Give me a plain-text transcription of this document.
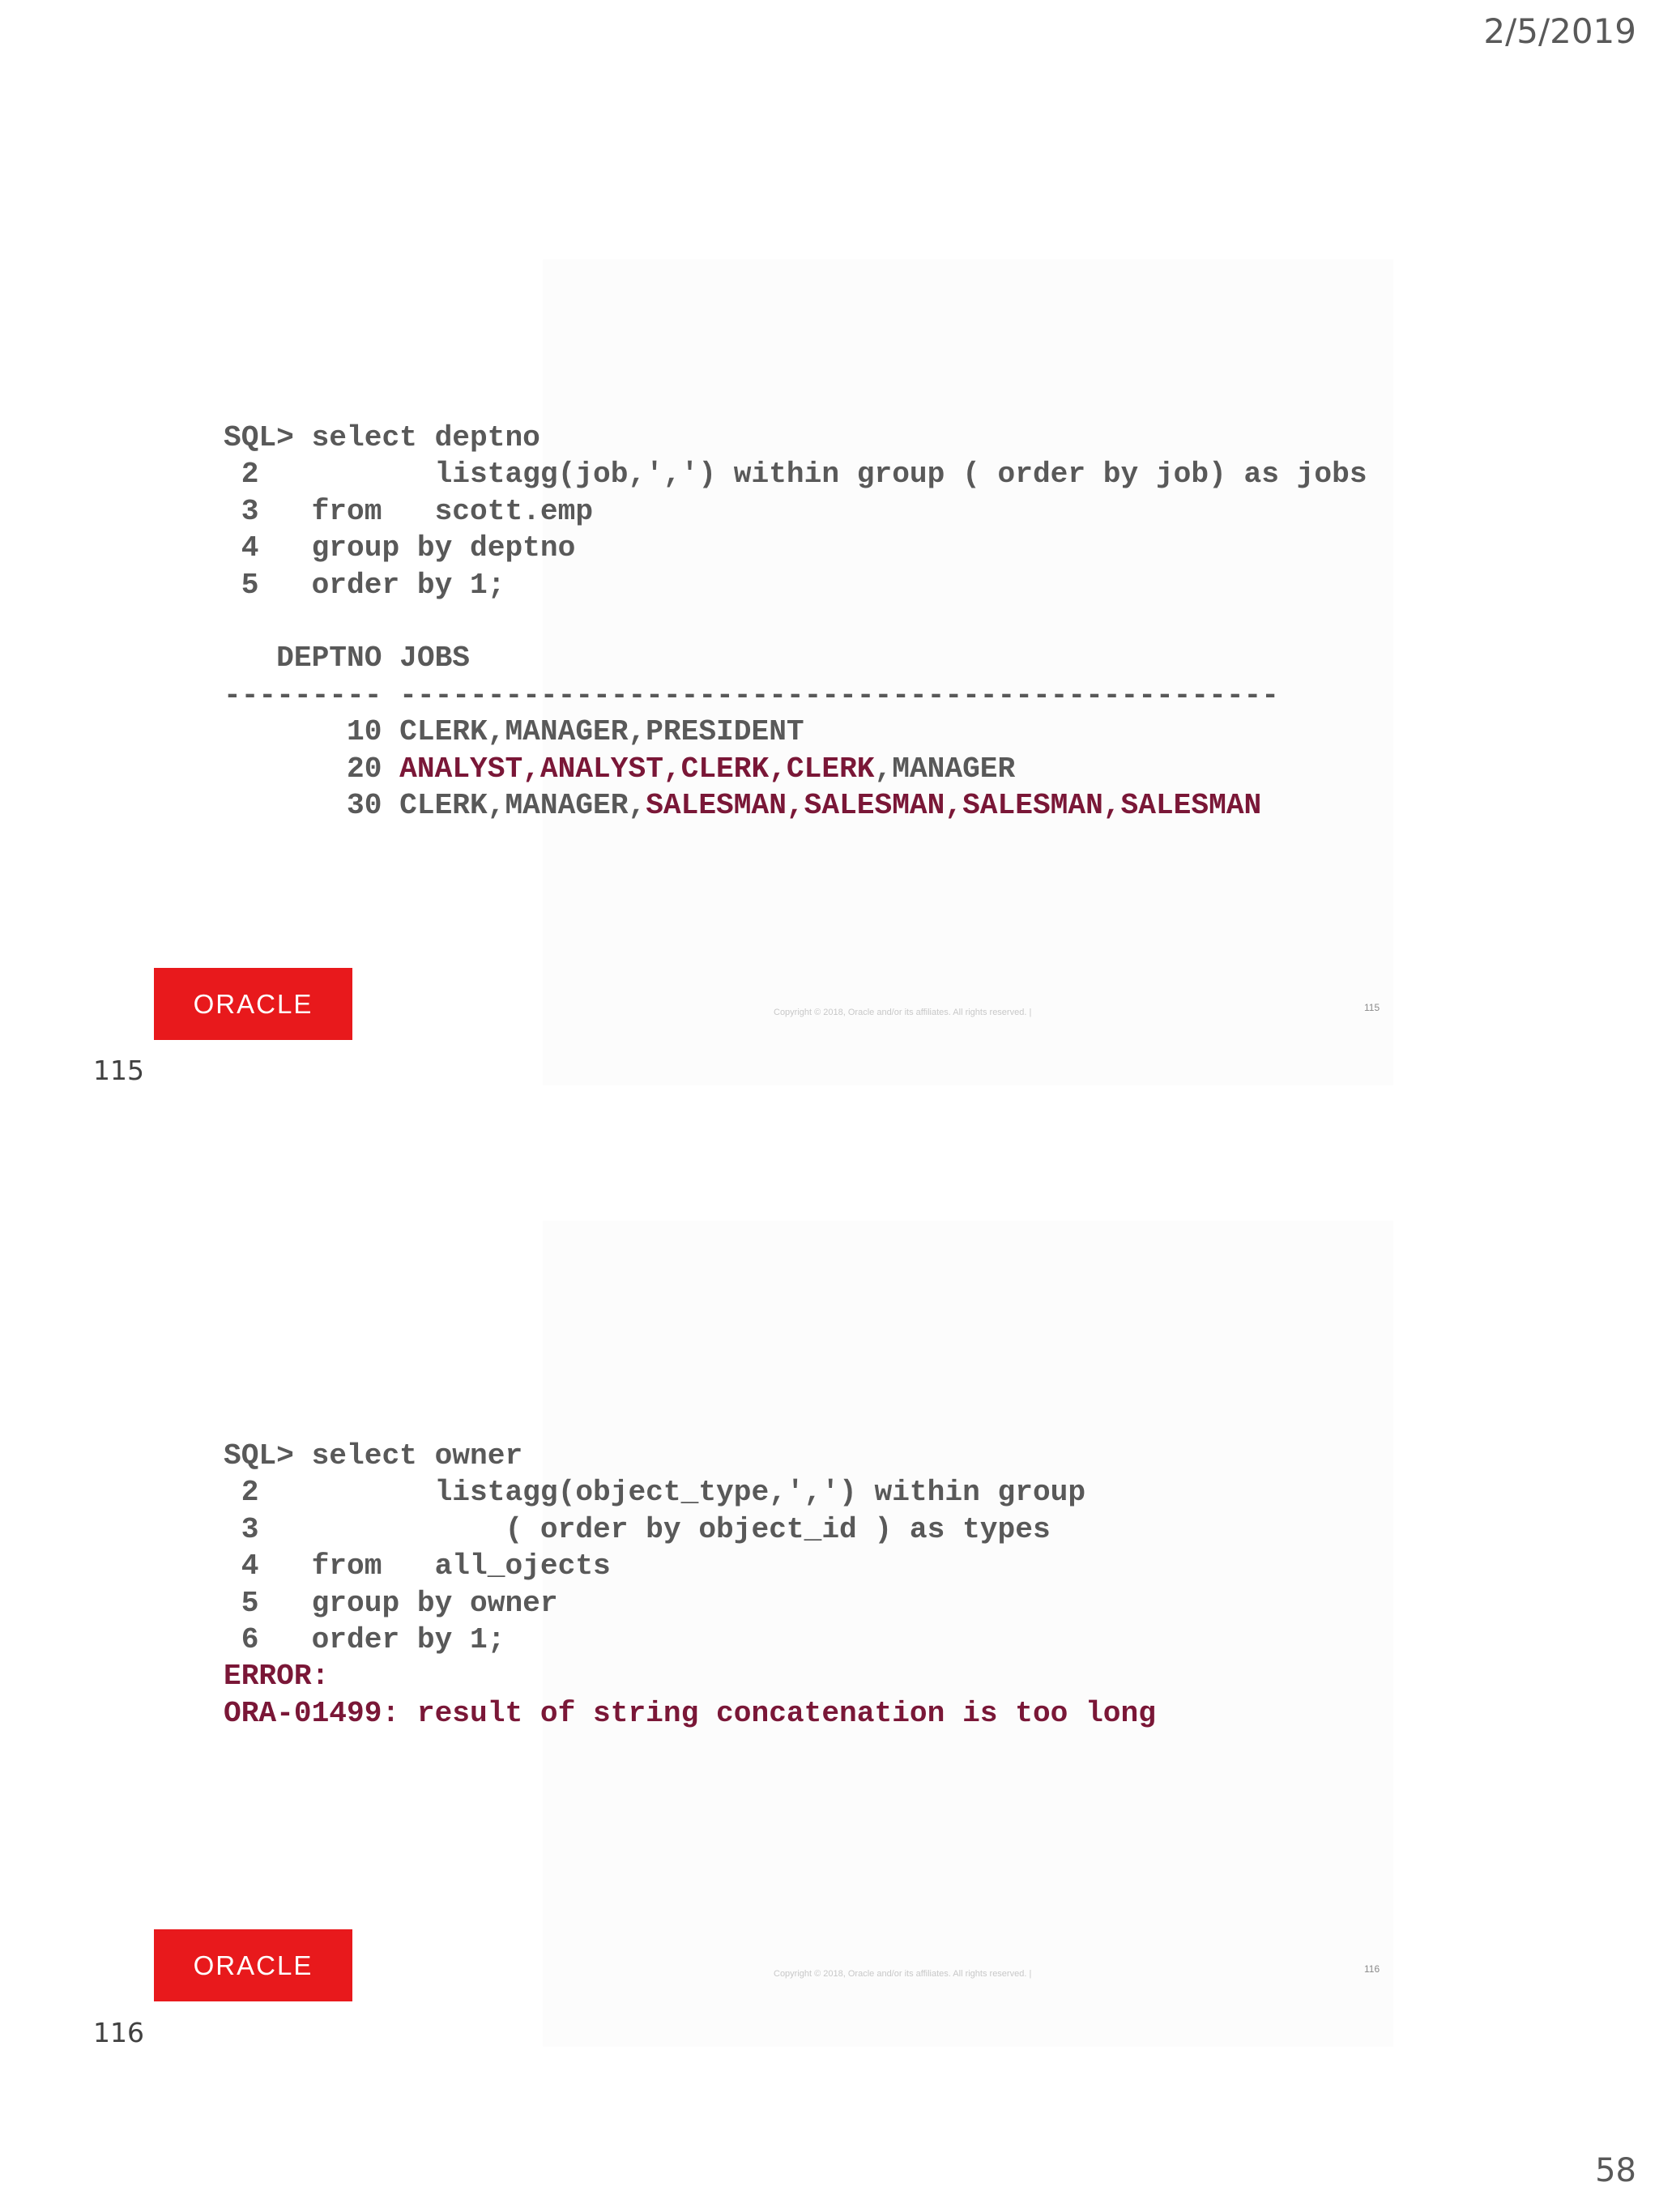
2/5/2019
SQL> select deptno
2          listagg(job,',') within group ( order by job) as jobs
3   from   scott.emp
4   group by deptno
5   order by 1;
DEPTNO JOBS
--------- --------------------------------------------------
10 CLERK,MANAGER,PRESIDENT
20 ANALYST,ANALYST,CLERK,CLERK,MANAGER
30 CLERK,MANAGER,SALESMAN,SALESMAN,SALESMAN,SALESMAN
ORACLE	Copyright © 2018, Oracle and/or its affiliates. All rights reserved. |	115
115
SQL> select owner
2          listagg(object_type,',') within group
3              ( order by object_id ) as types
4   from   all_ojects
5   group by owner
6   order by 1;
ERROR:
ORA-01499: result of string concatenation is too long
ORACLE	Copyright © 2018, Oracle and/or its affiliates. All rights reserved. |	116
116
58
